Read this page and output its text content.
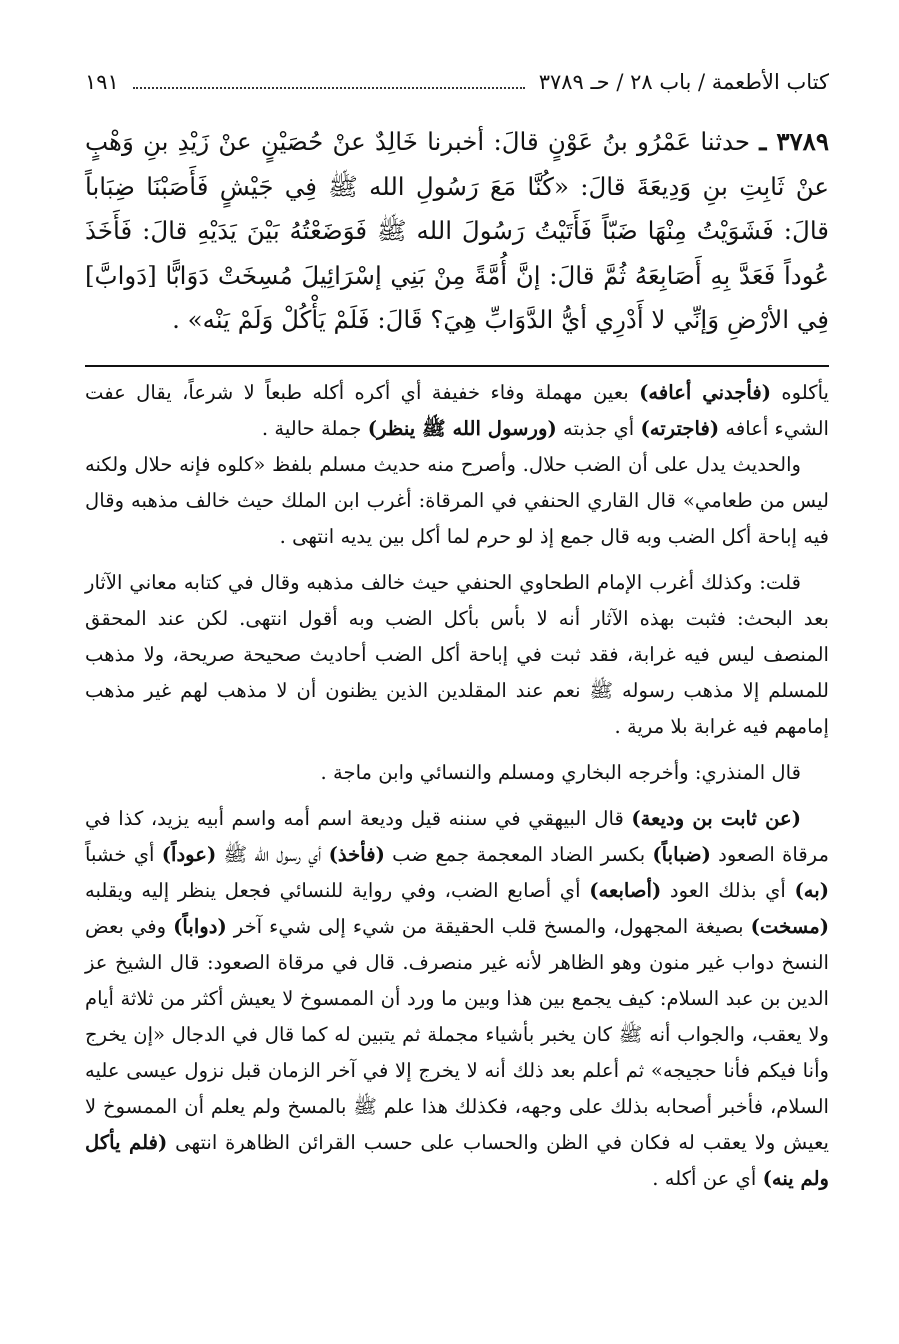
كتاب الأطعمة / باب ٢٨ / حـ ٣٧٨٩
١٩١
٣٧٨٩ ـ حدثنا عَمْرُو بنُ عَوْنٍ قالَ: أخبرنا خَالِدٌ عنْ حُصَيْنٍ عنْ زَيْدِ بنِ وَهْبٍ عنْ ثَابِتِ بنِ وَدِيعَةَ قالَ: «كُنَّا مَعَ رَسُولِ الله ﷺ فِي جَيْشٍ فَأَصَبْنَا ضِبَاباً قالَ: فَشَوَيْتُ مِنْهَا ضَبّاً فَأَتَيْتُ رَسُولَ الله ﷺ فَوَضَعْتُهُ بَيْنَ يَدَيْهِ قالَ: فَأَخَذَ عُوداً فَعَدَّ بِهِ أَصَابِعَهُ ثُمَّ قالَ: إنَّ أُمَّةً مِنْ بَنِي إسْرَائِيلَ مُسِخَتْ دَوَابًّا [دَوابَّ] فِي الأرْضِ وَإنِّي لا أَدْرِي أيُّ الدَّوَابِّ هِيَ؟ قَالَ: فَلَمْ يَأْكُلْ وَلَمْ يَنْه» .

يأكلوه (فأجدني أعافه) بعين مهملة وفاء خفيفة أي أكره أكله طبعاً لا شرعاً، يقال عفت الشيء أعافه (فاجترته) أي جذبته (ورسول الله ﷺ ينظر) جملة حالية .

والحديث يدل على أن الضب حلال. وأصرح منه حديث مسلم بلفظ «كلوه فإنه حلال ولكنه ليس من طعامي» قال القاري الحنفي في المرقاة: أغرب ابن الملك حيث خالف مذهبه وقال فيه إباحة أكل الضب وبه قال جمع إذ لو حرم لما أكل بين يديه انتهى .

قلت: وكذلك أغرب الإمام الطحاوي الحنفي حيث خالف مذهبه وقال في كتابه معاني الآثار بعد البحث: فثبت بهذه الآثار أنه لا بأس بأكل الضب وبه أقول انتهى. لكن عند المحقق المنصف ليس فيه غرابة، فقد ثبت في إباحة أكل الضب أحاديث صحيحة صريحة، ولا مذهب للمسلم إلا مذهب رسوله ﷺ نعم عند المقلدين الذين يظنون أن لا مذهب لهم غير مذهب إمامهم فيه غرابة بلا مرية .

قال المنذري: وأخرجه البخاري ومسلم والنسائي وابن ماجة .

(عن ثابت بن وديعة) قال البيهقي في سننه قيل وديعة اسم أمه واسم أبيه يزيد، كذا في مرقاة الصعود (ضباباً) بكسر الضاد المعجمة جمع ضب (فأخذ) أي رسول الله ﷺ (عوداً) أي خشباً (به) أي بذلك العود (أصابعه) أي أصابع الضب، وفي رواية للنسائي فجعل ينظر إليه ويقلبه (مسخت) بصيغة المجهول، والمسخ قلب الحقيقة من شيء إلى شيء آخر (دواباً) وفي بعض النسخ دواب غير منون وهو الظاهر لأنه غير منصرف. قال في مرقاة الصعود: قال الشيخ عز الدين بن عبد السلام: كيف يجمع بين هذا وبين ما ورد أن الممسوخ لا يعيش أكثر من ثلاثة أيام ولا يعقب، والجواب أنه ﷺ كان يخبر بأشياء مجملة ثم يتبين له كما قال في الدجال «إن يخرج وأنا فيكم فأنا حجيجه» ثم أعلم بعد ذلك أنه لا يخرج إلا في آخر الزمان قبل نزول عيسى عليه السلام، فأخبر أصحابه بذلك على وجهه، فكذلك هذا علم ﷺ بالمسخ ولم يعلم أن الممسوخ لا يعيش ولا يعقب له فكان في الظن والحساب على حسب القرائن الظاهرة انتهى (فلم يأكل ولم ينه) أي عن أكله .
